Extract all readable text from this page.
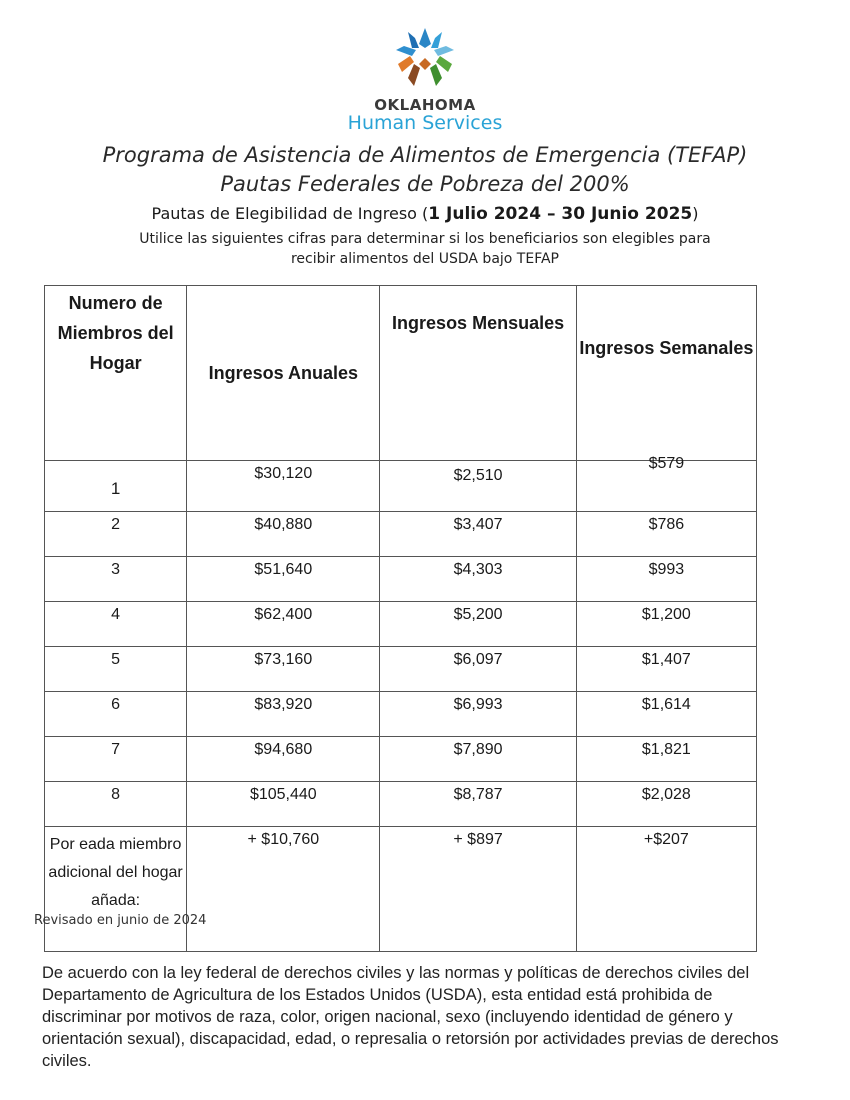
OKLAHOMA
Human Services
Programa de Asistencia de Alimentos de Emergencia (TEFAP)
Pautas Federales de Pobreza del 200%
Pautas de Elegibilidad de Ingreso (1 Julio 2024 – 30 Junio 2025)
Utilice las siguientes cifras para determinar si los beneficiarios son elegibles para
recibir alimentos del USDA bajo TEFAP
Numero de Miembros del Hogar	Ingresos Anuales	Ingresos Mensuales	Ingresos Semanales
1	$30,120	$2,510	$579

2	$40,880	$3,407	$786
3	$51,640	$4,303	$993
4	$62,400	$5,200	$1,200
5	$73,160	$6,097	$1,407
6	$83,920	$6,993	$1,614
7	$94,680	$7,890	$1,821
8	$105,440	$8,787	$2,028
Por eada miembro adicional del hogar añada:	+ $10,760	+ $897	+$207
Revisado en junio de 2024
De acuerdo con la ley federal de derechos civiles y las normas y políticas de derechos civiles del Departamento de Agricultura de los Estados Unidos (USDA), esta entidad está prohibida de discriminar por motivos de raza, color, origen nacional, sexo (incluyendo identidad de género y orientación sexual), discapacidad, edad, o represalia o retorsión por actividades previas de derechos civiles.
